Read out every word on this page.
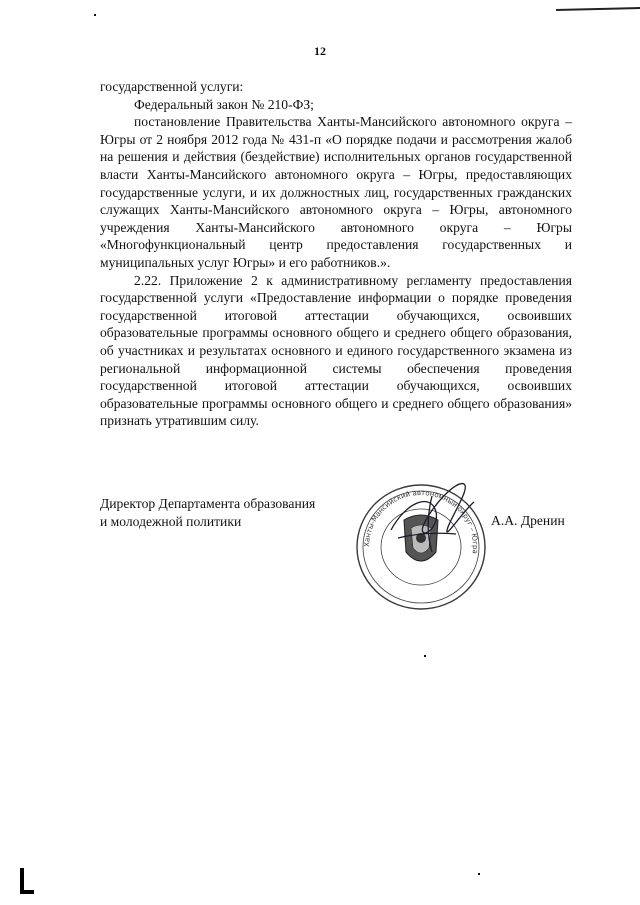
12

государственной услуги:

Федеральный закон № 210-ФЗ;

постановление Правительства Ханты-Мансийского автономного округа – Югры от 2 ноября 2012 года № 431-п «О порядке подачи и рассмотрения жалоб на решения и действия (бездействие) исполнительных органов государственной власти Ханты-Мансийского автономного округа – Югры, предоставляющих государственные услуги, и их должностных лиц, государственных гражданских служащих Ханты-Мансийского автономного округа – Югры, автономного учреждения Ханты-Мансийского автономного округа – Югры «Многофункциональный центр предоставления государственных и муниципальных услуг Югры» и его работников.».

2.22. Приложение 2 к административному регламенту предоставления государственной услуги «Предоставление информации о порядке проведения государственной итоговой аттестации обучающихся, освоивших образовательные программы основного общего и среднего общего образования, об участниках и результатах основного и единого государственного экзамена из региональной информационной системы обеспечения проведения государственной итоговой аттестации обучающихся, освоивших образовательные программы основного общего и среднего общего образования» признать утратившим силу.

Директор Департамента образования
и молодежной политики
Ханты-Мансийский автономный округ – Югра
А.А. Дренин
